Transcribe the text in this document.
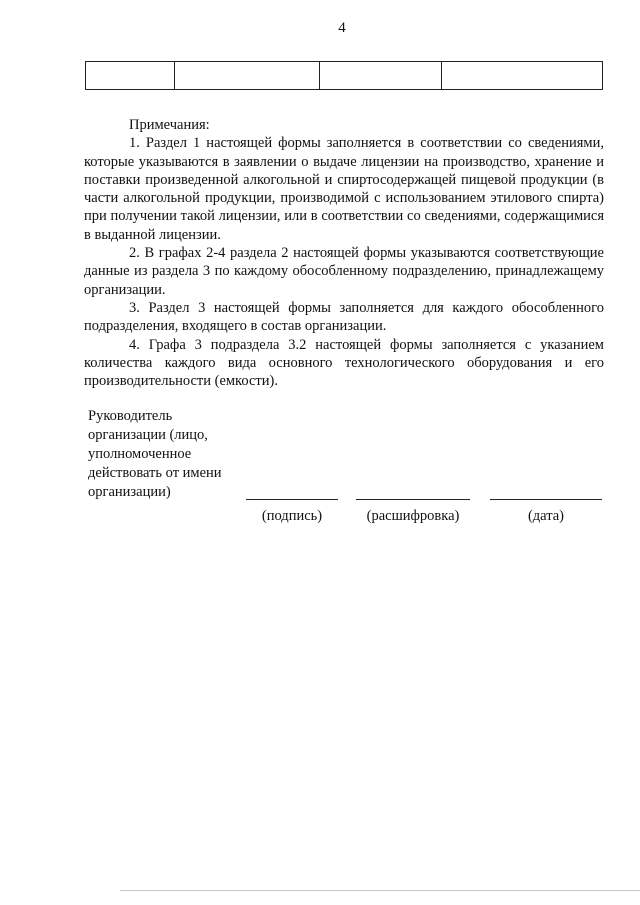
4

Примечания:

1. Раздел 1 настоящей формы заполняется в соответствии со сведениями, которые указываются в заявлении о выдаче лицензии на производство, хранение и поставки произведенной алкогольной и спиртосодержащей пищевой продукции (в части алкогольной продукции, производимой с использованием этилового спирта) при получении такой лицензии, или в соответствии со сведениями, содержащимися в выданной лицензии.

2. В графах 2-4 раздела 2 настоящей формы указываются соответствующие данные из раздела 3 по каждому обособленному подразделению, принадлежащему организации.

3. Раздел 3 настоящей формы заполняется для каждого обособленного подразделения, входящего в состав организации.

4. Графа 3 подраздела 3.2 настоящей формы заполняется с указанием количества каждого вида основного технологического оборудования и его производительности (емкости).

Руководитель
организации (лицо,
уполномоченное
действовать от имени
организации)
(подпись)	(расшифровка)	(дата)
